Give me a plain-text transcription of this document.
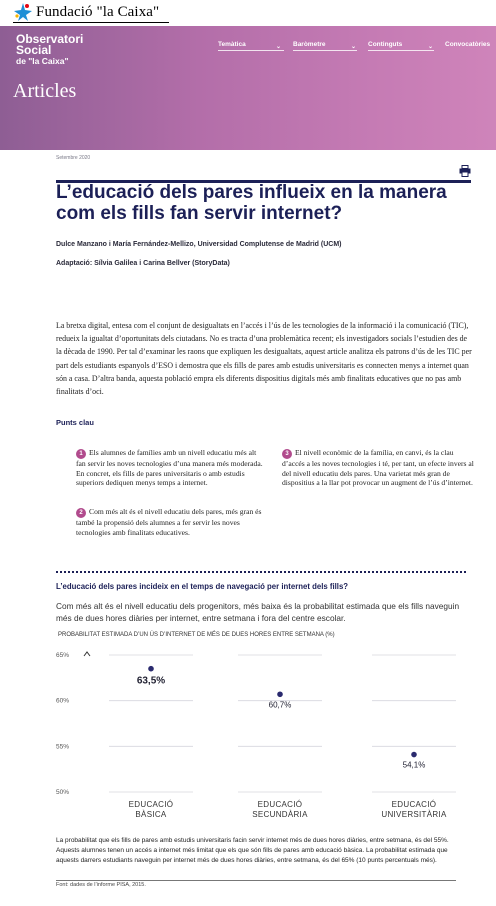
Fundació "la Caixa"
Observatori
Social
de "la Caixa"
Articles
Temàtica	⌄ Baròmetre	⌄ Continguts	⌄ Convocatòries
Setembre 2020
L’educació dels pares influeix en la manera com els fills fan servir internet?
Dulce Manzano i María Fernández-Mellizo, Universidad Complutense de Madrid (UCM)
Adaptació: Sílvia Galilea i Carina Bellver (StoryData)

La bretxa digital, entesa com el conjunt de desigualtats en l’accés i l’ús de les tecnologies de la informació i la comunicació (TIC), redueix la igualtat d’oportunitats dels ciutadans. No es tracta d’una problemàtica recent; els investigadors socials l’estudien des de la dècada de 1990. Per tal d’examinar les raons que expliquen les desigualtats, aquest article analitza els patrons d’ús de les TIC per part dels estudiants espanyols d’ESO i demostra que els fills de pares amb estudis universitaris es connecten menys a internet quan són a casa. D’altra banda, aquesta població empra els diferents dispositius digitals més amb finalitats educatives que no pas amb finalitats d’oci.

Punts clau
1 Els alumnes de famílies amb un nivell educatiu més alt fan servir les noves tecnologies d’una manera més moderada. En concret, els fills de pares universitaris o amb estudis superiors dediquen menys temps a internet.
2 Com més alt és el nivell educatiu dels pares, més gran és també la propensió dels alumnes a fer servir les noves tecnologies amb finalitats educatives.
3 El nivell econòmic de la família, en canvi, és la clau d’accés a les noves tecnologies i té, per tant, un efecte invers al del nivell educatiu dels pares. Una varietat més gran de dispositius a la llar pot provocar un augment de l’ús d’internet.
L’educació dels pares incideix en el temps de navegació per internet dels fills?
Com més alt és el nivell educatiu dels progenitors, més baixa és la probabilitat estimada que els fills naveguin més de dues hores diàries per internet, entre setmana i fora del centre escolar.
PROBABILITAT ESTIMADA D’UN ÚS D’INTERNET DE MÉS DE DUES HORES ENTRE SETMANA (%)
65%
60%
55%
50%
63,5%
60,7%
54,1%
EDUCACIÓ
BÀSICA
EDUCACIÓ
SECUNDÀRIA
EDUCACIÓ
UNIVERSITÀRIA

La probabilitat que els fills de pares amb estudis universitaris facin servir internet més de dues hores diàries, entre setmana, és del 55%. Aquests alumnes tenen un accés a internet més limitat que els que són fills de pares amb educació bàsica. La probabilitat estimada que aquests darrers estudiants naveguin per internet més de dues hores diàries, entre setmana, és del 65% (10 punts percentuals més).

Font: dades de l’informe PISA, 2015.
